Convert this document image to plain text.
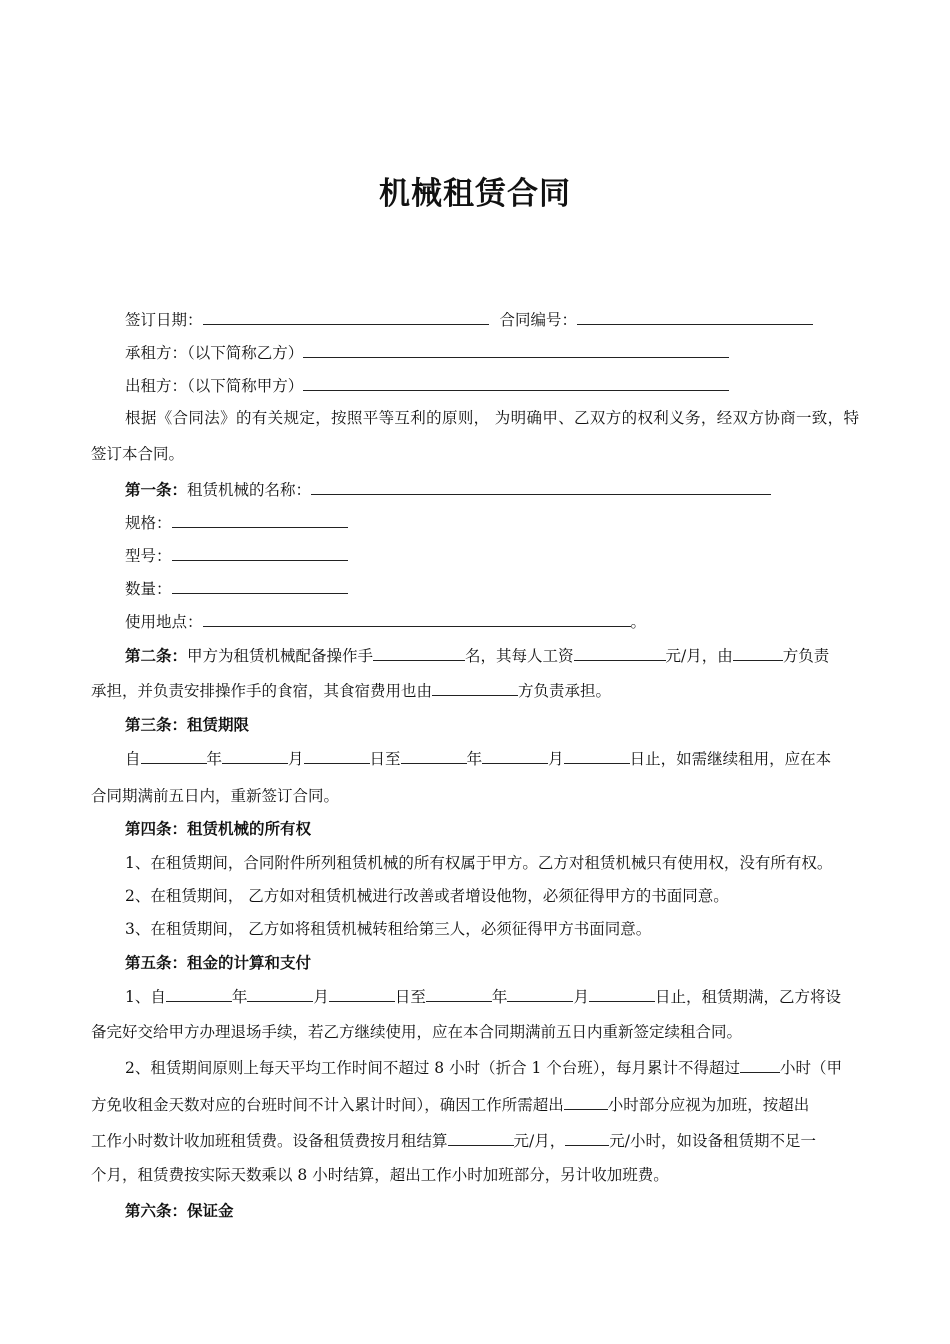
机械租赁合同
签订日期：	合同编号：
承租方：（以下简称乙方）
出租方：（以下简称甲方）
根据《合同法》的有关规定，按照平等互利的原则， 为明确甲、乙双方的权利义务，经双方协商一致，特
签订本合同。
第一条：租赁机械的名称：
规格：
型号：
数量：
使用地点：	。
第二条：甲方为租赁机械配备操作手	名，其每人工资	元/月，由	方负责
承担，并负责安排操作手的食宿，其食宿费用也由	方负责承担。
第三条：租赁期限
自	年	月	日至	年	月	日止，如需继续租用，应在本
合同期满前五日内，重新签订合同。
第四条：租赁机械的所有权
1、在租赁期间，合同附件所列租赁机械的所有权属于甲方。乙方对租赁机械只有使用权，没有所有权。
2、在租赁期间， 乙方如对租赁机械进行改善或者增设他物，必须征得甲方的书面同意。
3、在租赁期间， 乙方如将租赁机械转租给第三人，必须征得甲方书面同意。
第五条：租金的计算和支付
1、自	年	月	日至	年	月	日止，租赁期满，乙方将设
备完好交给甲方办理退场手续，若乙方继续使用，应在本合同期满前五日内重新签定续租合同。
2、租赁期间原则上每天平均工作时间不超过 8 小时（折合 1 个台班），每月累计不得超过	小时（甲
方免收租金天数对应的台班时间不计入累计时间），确因工作所需超出	小时部分应视为加班，按超出
工作小时数计收加班租赁费。设备租赁费按月租结算	元/月，	元/小时，如设备租赁期不足一
个月，租赁费按实际天数乘以 8 小时结算，超出工作小时加班部分，另计收加班费。
第六条：保证金
